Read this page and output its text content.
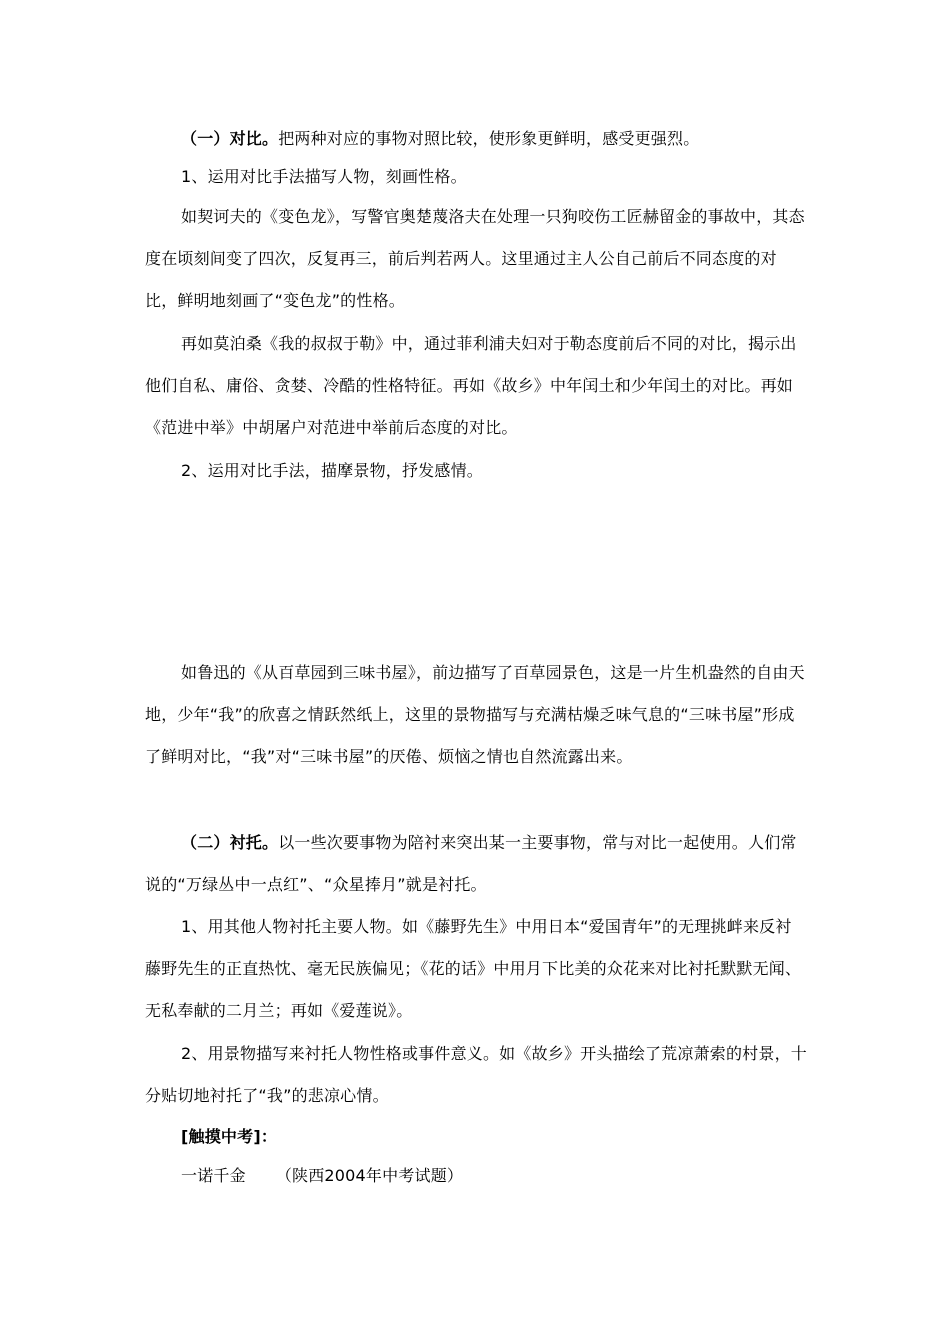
（一）对比。把两种对应的事物对照比较，使形象更鲜明，感受更强烈。

1、运用对比手法描写人物，刻画性格。

如契诃夫的《变色龙》，写警官奥楚蔑洛夫在处理一只狗咬伤工匠赫留金的事故中，其态度在顷刻间变了四次，反复再三，前后判若两人。这里通过主人公自己前后不同态度的对比，鲜明地刻画了“变色龙”的性格。

再如莫泊桑《我的叔叔于勒》中，通过菲利浦夫妇对于勒态度前后不同的对比，揭示出他们自私、庸俗、贪婪、冷酷的性格特征。再如《故乡》中年闰土和少年闰土的对比。再如《范进中举》中胡屠户对范进中举前后态度的对比。

2、运用对比手法，描摩景物，抒发感情。

如鲁迅的《从百草园到三味书屋》，前边描写了百草园景色，这是一片生机盎然的自由天地，少年“我”的欣喜之情跃然纸上，这里的景物描写与充满枯燥乏味气息的“三味书屋”形成了鲜明对比，“我”对“三味书屋”的厌倦、烦恼之情也自然流露出来。

（二）衬托。以一些次要事物为陪衬来突出某一主要事物，常与对比一起使用。人们常说的“万绿丛中一点红”、“众星捧月”就是衬托。

1、用其他人物衬托主要人物。如《藤野先生》中用日本“爱国青年”的无理挑衅来反衬藤野先生的正直热忱、毫无民族偏见；《花的话》中用月下比美的众花来对比衬托默默无闻、无私奉献的二月兰；再如《爱莲说》。

2、用景物描写来衬托人物性格或事件意义。如《故乡》开头描绘了荒凉萧索的村景，十分贴切地衬托了“我”的悲凉心情。

[触摸中考]：

一诺千金 （陕西2004年中考试题）
